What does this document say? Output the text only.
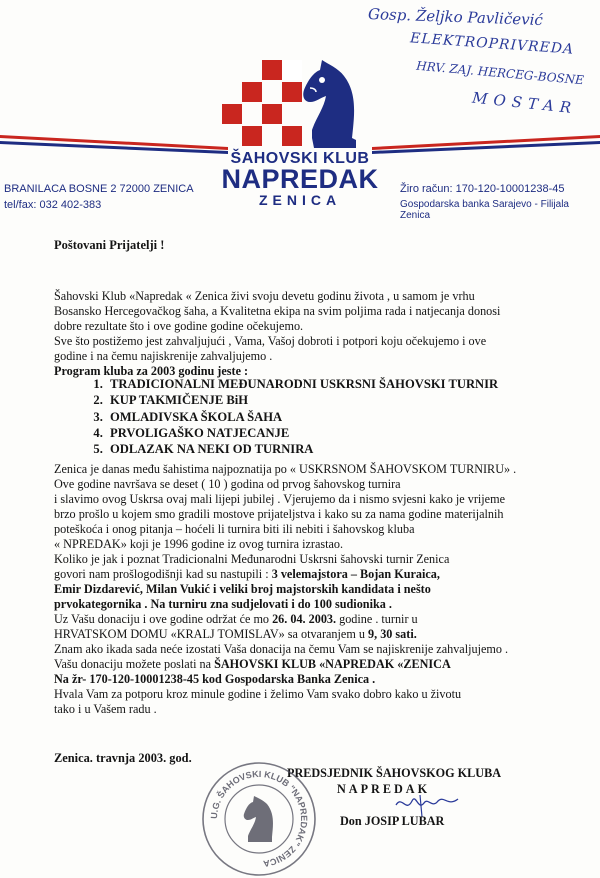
Gosp. Željko Pavličević
ELEKTROPRIVREDA
HRV. ZAJ. HERCEG-BOSNE
MOSTAR
ŠAHOVSKI KLUB
NAPREDAK
ZENICA
BRANILACA BOSNE 2 72000 ZENICA
tel/fax: 032 402-383
Žiro račun: 170-120-10001238-45
Gospodarska banka Sarajevo - Filijala Zenica
Poštovani Prijatelji !
Šahovski Klub «Napredak « Zenica živi svoju devetu godinu života , u samom je vrhu
Bosansko Hercegovačkog šaha, a Kvalitetna ekipa na svim poljima rada i natjecanja donosi
dobre rezultate što i ove godine godine očekujemo.
Sve što postižemo jest zahvaljujući , Vama, Vašoj dobroti i potpori koju očekujemo i ove
godine i na čemu najiskrenije zahvaljujemo .
Program kluba za 2003 godinu jeste :
1. TRADICIONALNI MEĐUNARODNI USKRSNI ŠAHOVSKI TURNIR
2. KUP TAKMIČENJE BiH
3. OMLADIVSKA ŠKOLA ŠAHA
4. PRVOLIGAŠKO NATJECANJE
5. ODLAZAK NA NEKI OD TURNIRA
Zenica je danas među šahistima najpoznatija po « USKRSNOM ŠAHOVSKOM TURNIRU» .
Ove godine navršava se deset ( 10 ) godina od prvog šahovskog turnira
i slavimo ovog Uskrsa ovaj mali lijepi jubilej . Vjerujemo da i nismo svjesni kako je vrijeme
brzo prošlo u kojem smo gradili mostove prijateljstva i kako su za nama godine materijalnih
poteškoća i onog pitanja – hoćeli li turnira biti ili nebiti i šahovskog kluba
« NPREDAK» koji je 1996 godine iz ovog turnira izrastao.
Koliko je jak i poznat Tradicionalni Međunarodni Uskrsni šahovski turnir Zenica
govori nam prošlogodišnji kad su nastupili : 3 velemajstora – Bojan Kuraica,
Emir Dizdarević, Milan Vukić i veliki broj majstorskih kandidata i nešto
prvokategornika . Na turniru zna sudjelovati i do 100 sudionika .
Uz Vašu donaciju i ove godine održat će mo 26. 04. 2003. godine . turnir u
HRVATSKOM DOMU «KRALJ TOMISLAV» sa otvaranjem u 9, 30 sati.
Znam ako ikada sada neće izostati Vaša donacija na čemu Vam se najiskrenije zahvaljujemo .
Vašu donaciju možete poslati na ŠAHOVSKI KLUB «NAPREDAK «ZENICA
Na žr- 170-120-10001238-45 kod Gospodarska Banka Zenica .
Hvala Vam za potporu kroz minule godine i želimo Vam svako dobro kako u životu
tako i u Vašem radu .
Zenica. travnja 2003. god.
PREDSJEDNIK ŠAHOVSKOG KLUBA
NAPREDAK
Don JOSIP LUBAR
U.G. ŠAHOVSKI KLUB "NAPREDAK" ZENICA
